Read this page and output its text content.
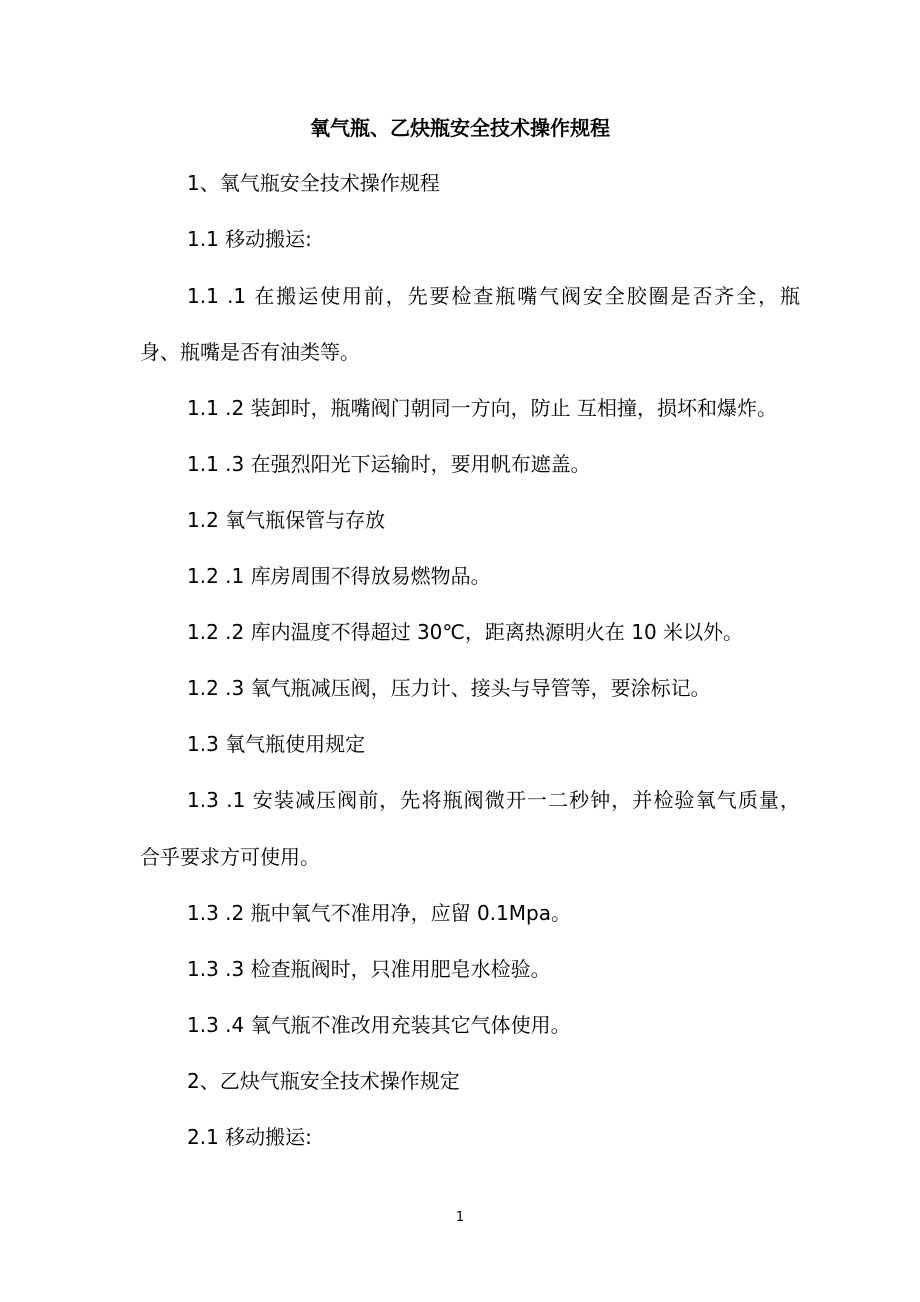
氧气瓶、乙炔瓶安全技术操作规程
1、氧气瓶安全技术操作规程
1.1 移动搬运:
1.1 .1 在搬运使用前，先要检查瓶嘴气阀安全胶圈是否齐全，瓶
身、瓶嘴是否有油类等。
1.1 .2 装卸时，瓶嘴阀门朝同一方向，防止 互相撞，损坏和爆炸。
1.1 .3 在强烈阳光下运输时，要用帆布遮盖。
1.2 氧气瓶保管与存放
1.2 .1 库房周围不得放易燃物品。
1.2 .2 库内温度不得超过 30℃，距离热源明火在 10 米以外。
1.2 .3 氧气瓶减压阀，压力计、接头与导管等，要涂标记。
1.3 氧气瓶使用规定
1.3 .1 安装减压阀前，先将瓶阀微开一二秒钟，并检验氧气质量，
合乎要求方可使用。
1.3 .2 瓶中氧气不准用净，应留 0.1Mpa。
1.3 .3 检查瓶阀时，只准用肥皂水检验。
1.3 .4 氧气瓶不准改用充装其它气体使用。
2、乙炔气瓶安全技术操作规定
2.1 移动搬运:
1
